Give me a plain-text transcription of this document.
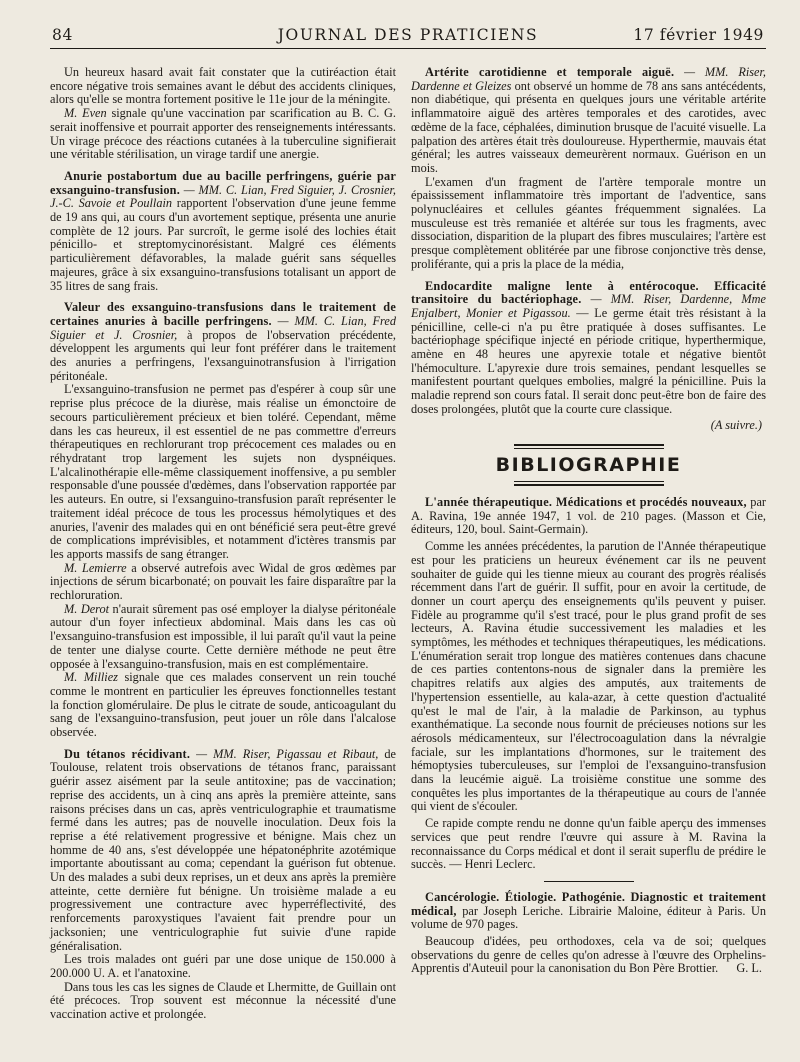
84	JOURNAL DES PRATICIENS	17 février 1949

Un heureux hasard avait fait constater que la cutiréaction était encore négative trois semaines avant le début des accidents cliniques, alors qu'elle se montra fortement positive le 11e jour de la méningite.

M. Even signale qu'une vaccination par scarification au B. C. G. serait inoffensive et pourrait apporter des renseignements intéressants. Un virage précoce des réactions cutanées à la tuberculine signifierait une véritable stérilisation, un virage tardif une anergie.

Anurie postabortum due au bacille perfringens, guérie par exsanguino-transfusion. — MM. C. Lian, Fred Siguier, J. Crosnier, J.-C. Savoie et Poullain rapportent l'observation d'une jeune femme de 19 ans qui, au cours d'un avortement septique, présenta une anurie complète de 12 jours. Par surcroît, le germe isolé des lochies était pénicillo- et streptomycinorésistant. Malgré ces éléments particulièrement défavorables, la malade guérit sans séquelles majeures, grâce à six exsanguino-transfusions totalisant un apport de 35 litres de sang frais.

Valeur des exsanguino-transfusions dans le traitement de certaines anuries à bacille perfringens. — MM. C. Lian, Fred Siguier et J. Crosnier, à propos de l'observation précédente, développent les arguments qui leur font préférer dans le traitement des anuries a perfringens, l'exsanguinotransfusion à l'irrigation péritonéale.

L'exsanguino-transfusion ne permet pas d'espérer à coup sûr une reprise plus précoce de la diurèse, mais réalise un émonctoire de secours particulièrement précieux et bien toléré. Cependant, même dans les cas heureux, il est essentiel de ne pas commettre d'erreurs thérapeutiques en rechlorurant trop précocement ces malades ou en réhydratant trop largement les sujets non dyspnéiques. L'alcalinothérapie elle-même classiquement inoffensive, a pu sembler responsable d'une poussée d'œdèmes, dans l'observation rapportée par les auteurs. En outre, si l'exsanguino-transfusion paraît représenter le traitement idéal précoce de tous les processus hémolytiques et des anuries, l'avenir des malades qui en ont bénéficié sera peut-être grevé de complications imprévisibles, et notamment d'ictères transmis par les apports massifs de sang étranger.

M. Lemierre a observé autrefois avec Widal de gros œdèmes par injections de sérum bicarbonaté; on pouvait les faire disparaître par la rechloruration.

M. Derot n'aurait sûrement pas osé employer la dialyse péritonéale autour d'un foyer infectieux abdominal. Mais dans les cas où l'exsanguino-transfusion est impossible, il lui paraît qu'il vaut la peine de tenter une dialyse courte. Cette dernière méthode ne peut être opposée à l'exsanguino-transfusion, mais en est complémentaire.

M. Milliez signale que ces malades conservent un rein touché comme le montrent en particulier les épreuves fonctionnelles testant la fonction glomérulaire. De plus le citrate de soude, anticoagulant du sang de l'exsanguino-transfusion, peut jouer un rôle dans l'alcalose observée.

Du tétanos récidivant. — MM. Riser, Pigassau et Ribaut, de Toulouse, relatent trois observations de tétanos franc, paraissant guérir assez aisément par la seule antitoxine; pas de vaccination; reprise des accidents, un à cinq ans après la première atteinte, sans raisons précises dans un cas, après ventriculographie et traumatisme fermé dans les autres; pas de nouvelle inoculation. Deux fois la reprise a été relativement progressive et bénigne. Mais chez un homme de 40 ans, s'est développée une hépatonéphrite azotémique importante aboutissant au coma; cependant la guérison fut obtenue. Un des malades a subi deux reprises, un et deux ans après la première atteinte, cette dernière fut bénigne. Un troisième malade a eu progressivement une contracture avec hyperréflectivité, des renforcements paroxystiques l'avaient fait prendre pour un jacksonien; une ventriculographie fut suivie d'une rapide généralisation.

Les trois malades ont guéri par une dose unique de 150.000 à 200.000 U. A. et l'anatoxine.

Dans tous les cas les signes de Claude et Lhermitte, de Guillain ont été précoces. Trop souvent est méconnue la nécessité d'une vaccination active et prolongée.

Artérite carotidienne et temporale aiguë. — MM. Riser, Dardenne et Gleizes ont observé un homme de 78 ans sans antécédents, non diabétique, qui présenta en quelques jours une véritable artérite inflammatoire aiguë des artères temporales et des carotides, avec œdème de la face, céphalées, diminution brusque de l'acuité visuelle. La palpation des artères était très douloureuse. Hyperthermie, mauvais état général; les autres vaisseaux demeurèrent normaux. Guérison en un mois.

L'examen d'un fragment de l'artère temporale montre un épaississement inflammatoire très important de l'adventice, sans polynucléaires et cellules géantes fréquemment signalées. La musculeuse est très remaniée et altérée sur tous les fragments, avec dissociation, disparition de la plupart des fibres musculaires; l'artère est presque complètement oblitérée par une fibrose conjonctive très dense, proliférante, qui a pris la place de la média,

Endocardite maligne lente à entérocoque. Efficacité transitoire du bactériophage. — MM. Riser, Dardenne, Mme Enjalbert, Monier et Pigassou. — Le germe était très résistant à la pénicilline, celle-ci n'a pu être pratiquée à doses suffisantes. Le bactériophage spécifique injecté en période critique, hyperthermique, amène en 48 heures une apyrexie totale et négative bientôt l'hémoculture. L'apyrexie dure trois semaines, pendant lesquelles se manifestent pourtant quelques embolies, malgré la pénicilline. Puis la maladie reprend son cours fatal. Il serait donc peut-être bon de faire des doses prolongées, plutôt que la courte cure classique.

(A suivre.)
BIBLIOGRAPHIE

L'année thérapeutique. Médications et procédés nouveaux, par A. Ravina, 19e année 1947, 1 vol. de 210 pages. (Masson et Cie, éditeurs, 120, boul. Saint-Germain).

Comme les années précédentes, la parution de l'Année thérapeutique est pour les praticiens un heureux événement car ils ne peuvent souhaiter de guide qui les tienne mieux au courant des progrès réalisés récemment dans l'art de guérir. Il suffit, pour en avoir la certitude, de donner un court aperçu des enseignements qu'ils peuvent y puiser. Fidèle au programme qu'il s'est tracé, pour le plus grand profit de ses lecteurs, A. Ravina étudie successivement les maladies et les symptômes, les méthodes et techniques thérapeutiques, les médications. L'énumération serait trop longue des matières contenues dans chacune de ces parties contentons-nous de signaler dans la première les chapitres relatifs aux algies des amputés, aux traitements de l'hypertension essentielle, au kala-azar, à cette question d'actualité qu'est le mal de l'air, à la maladie de Parkinson, au typhus exanthématique. La seconde nous fournit de précieuses notions sur les aérosols médicamenteux, sur l'électrocoagulation dans la névralgie faciale, sur les implantations d'hormones, sur le traitement des hémoptysies tuberculeuses, sur l'emploi de l'exsanguino-transfusion dans la leucémie aiguë. La troisième constitue une somme des conquêtes les plus importantes de la thérapeutique au cours de l'année qui vient de s'écouler.

Ce rapide compte rendu ne donne qu'un faible aperçu des immenses services que peut rendre l'œuvre qui assure à M. Ravina la reconnaissance du Corps médical et dont il serait superflu de prédire le succès. — Henri Leclerc.

Cancérologie. Étiologie. Pathogénie. Diagnostic et traitement médical, par Joseph Leriche. Librairie Maloine, éditeur à Paris. Un volume de 970 pages.

Beaucoup d'idées, peu orthodoxes, cela va de soi; quelques observations du genre de celles qu'on adresse à l'œuvre des Orphelins-Apprentis d'Auteuil pour la canonisation du Bon Père Brottier.	G. L.
